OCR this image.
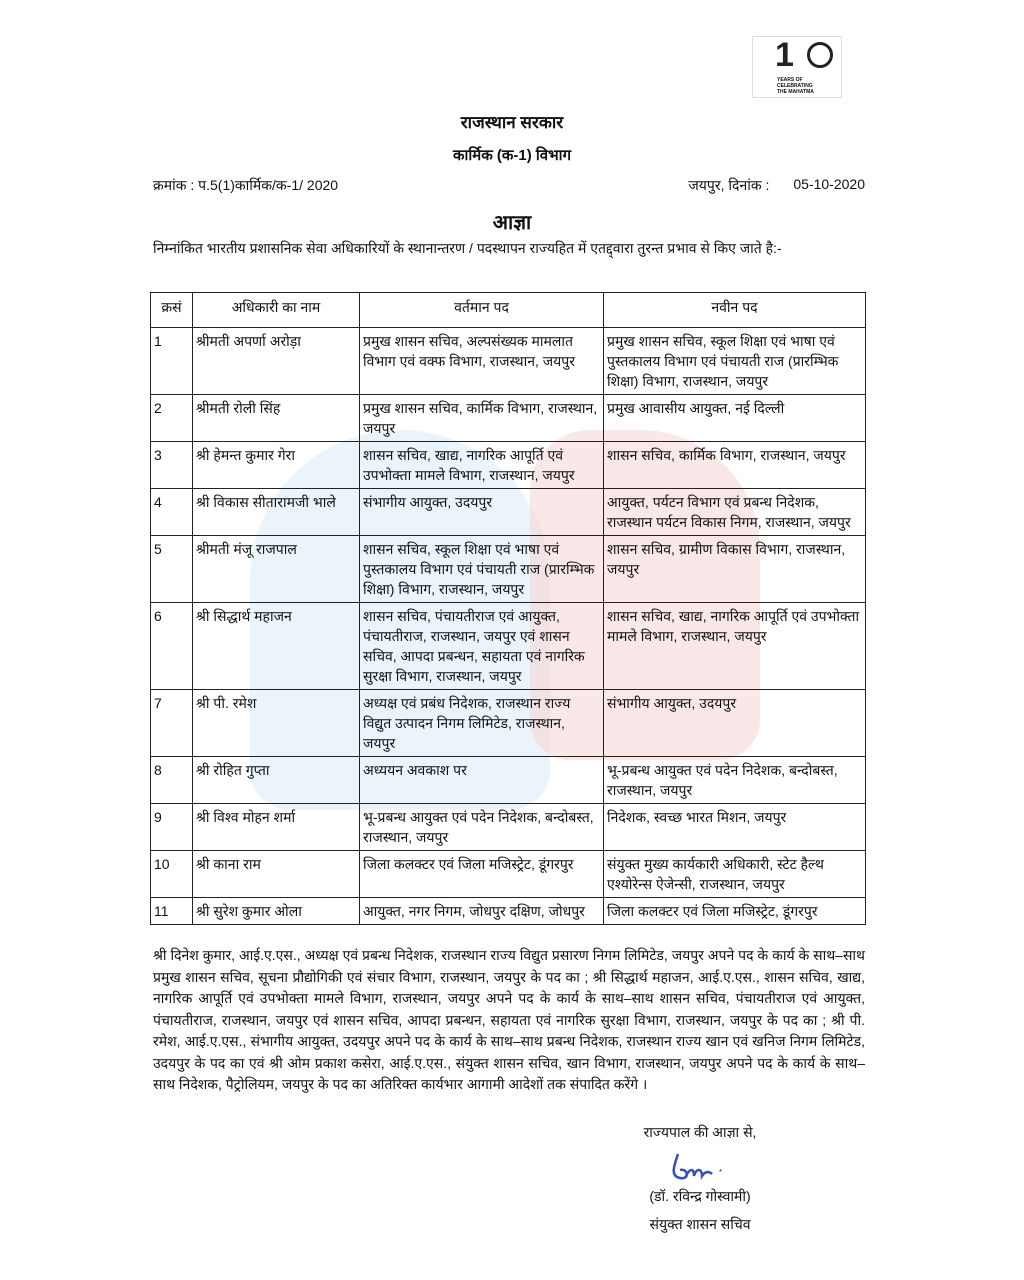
1
YEARS OF
CELEBRATING
THE MAHATMA
राजस्थान सरकार
कार्मिक (क-1) विभाग
क्रमांक : प.5(1)कार्मिक/क-1/ 2020	जयपुर, दिनांक : 05-10-2020
आज्ञा
निम्नांकित भारतीय प्रशासनिक सेवा अधिकारियों के स्थानान्तरण / पदस्थापन राज्यहित में एतद्द्वारा तुरन्त प्रभाव से किए जाते है:-
क्रसं	अधिकारी का नाम	वर्तमान पद	नवीन पद
1	श्रीमती अपर्णा अरोड़ा	प्रमुख शासन सचिव, अल्पसंख्यक मामलात विभाग एवं वक्फ विभाग, राजस्थान, जयपुर	प्रमुख शासन सचिव, स्कूल शिक्षा एवं भाषा एवं पुस्तकालय विभाग एवं पंचायती राज (प्रारम्भिक शिक्षा) विभाग, राजस्थान, जयपुर
2	श्रीमती रोली सिंह	प्रमुख शासन सचिव, कार्मिक विभाग, राजस्थान, जयपुर	प्रमुख आवासीय आयुक्त, नई दिल्ली
3	श्री हेमन्त कुमार गेरा	शासन सचिव, खाद्य, नागरिक आपूर्ति एवं उपभोक्ता मामले विभाग, राजस्थान, जयपुर	शासन सचिव, कार्मिक विभाग, राजस्थान, जयपुर
4	श्री विकास सीतारामजी भाले	संभागीय आयुक्त, उदयपुर	आयुक्त, पर्यटन विभाग एवं प्रबन्ध निदेशक, राजस्थान पर्यटन विकास निगम, राजस्थान, जयपुर
5	श्रीमती मंजू राजपाल	शासन सचिव, स्कूल शिक्षा एवं भाषा एवं पुस्तकालय विभाग एवं पंचायती राज (प्रारम्भिक शिक्षा) विभाग, राजस्थान, जयपुर	शासन सचिव, ग्रामीण विकास विभाग, राजस्थान, जयपुर
6	श्री सिद्धार्थ महाजन	शासन सचिव, पंचायतीराज एवं आयुक्त, पंचायतीराज, राजस्थान, जयपुर एवं शासन सचिव, आपदा प्रबन्धन, सहायता एवं नागरिक सुरक्षा विभाग, राजस्थान, जयपुर	शासन सचिव, खाद्य, नागरिक आपूर्ति एवं उपभोक्ता मामले विभाग, राजस्थान, जयपुर
7	श्री पी. रमेश	अध्यक्ष एवं प्रबंध निदेशक, राजस्थान राज्य विद्युत उत्पादन निगम लिमिटेड, राजस्थान, जयपुर	संभागीय आयुक्त, उदयपुर
8	श्री रोहित गुप्ता	अध्ययन अवकाश पर	भू-प्रबन्ध आयुक्त एवं पदेन निदेशक, बन्दोबस्त, राजस्थान, जयपुर
9	श्री विश्व मोहन शर्मा	भू-प्रबन्ध आयुक्त एवं पदेन निदेशक, बन्दोबस्त, राजस्थान, जयपुर	निदेशक, स्वच्छ भारत मिशन, जयपुर
10	श्री काना राम	जिला कलक्टर एवं जिला मजिस्ट्रेट, डूंगरपुर	संयुक्त मुख्य कार्यकारी अधिकारी, स्टेट हैल्थ एश्योरेन्स ऐजेन्सी, राजस्थान, जयपुर
11	श्री सुरेश कुमार ओला	आयुक्त, नगर निगम, जोधपुर दक्षिण, जोधपुर	जिला कलक्टर एवं जिला मजिस्ट्रेट, डूंगरपुर
श्री दिनेश कुमार, आई.ए.एस., अध्यक्ष एवं प्रबन्ध निदेशक, राजस्थान राज्य विद्युत प्रसारण निगम लिमिटेड, जयपुर अपने पद के कार्य के साथ–साथ प्रमुख शासन सचिव, सूचना प्रौद्योगिकी एवं संचार विभाग, राजस्थान, जयपुर के पद का ; श्री सिद्धार्थ महाजन, आई.ए.एस., शासन सचिव, खाद्य, नागरिक आपूर्ति एवं उपभोक्ता मामले विभाग, राजस्थान, जयपुर अपने पद के कार्य के साथ–साथ शासन सचिव, पंचायतीराज एवं आयुक्त, पंचायतीराज, राजस्थान, जयपुर एवं शासन सचिव, आपदा प्रबन्धन, सहायता एवं नागरिक सुरक्षा विभाग, राजस्थान, जयपुर के पद का ; श्री पी. रमेश, आई.ए.एस., संभागीय आयुक्त, उदयपुर अपने पद के कार्य के साथ–साथ प्रबन्ध निदेशक, राजस्थान राज्य खान एवं खनिज निगम लिमिटेड, उदयपुर के पद का एवं श्री ओम प्रकाश कसेरा, आई.ए.एस., संयुक्त शासन सचिव, खान विभाग, राजस्थान, जयपुर अपने पद के कार्य के साथ–साथ निदेशक, पैट्रोलियम, जयपुर के पद का अतिरिक्त कार्यभार आगामी आदेशों तक संपादित करेंगे ।
राज्यपाल की आज्ञा से,
(डॉ. रविन्द्र गोस्वामी)
संयुक्त शासन सचिव
